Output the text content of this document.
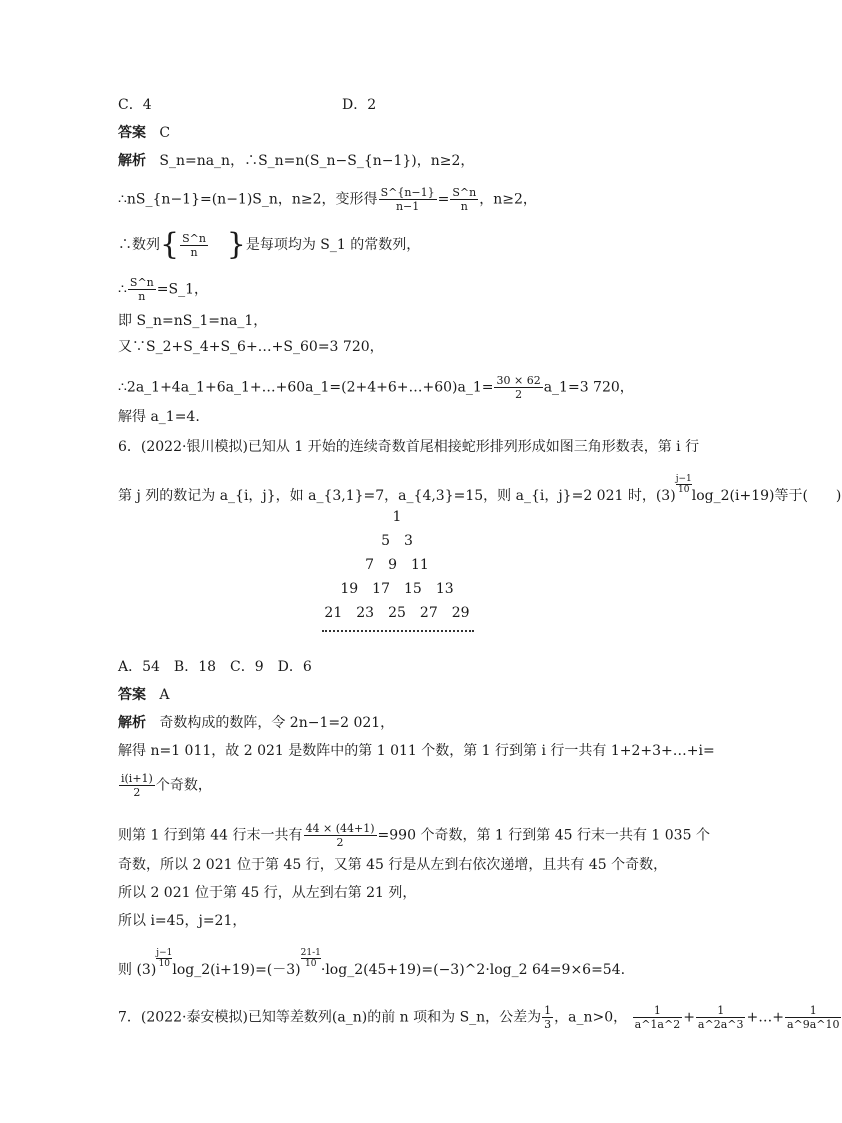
C．4	D．2
答案 C
解析 S_n=na_n，∴S_n=n(S_n−S_{n−1})，n≥2，
∴nS_{n−1}=(n−1)S_n，n≥2，变形得 $\frac{S\^{}\{n-1\}}{n-1} = \frac{S\^{}n}{n}$ ，n≥2，
∴数列{ $\frac{S\^{}n}{n}$ }是每项均为 S_1 的常数列，
∴ $\frac{S\^{}n}{n}$ =S_1，
即 S_n=nS_1=na_1，
又∵S_2+S_4+S_6+…+S_60=3 720，
∴2a_1+4a_1+6a_1+…+60a_1=(2+4+6+…+60)a_1= $\frac{30 \times 62}{2}$ a_1=3 720，
解得 a_1=4.
6．(2022·银川模拟)已知从 1 开始的连续奇数首尾相接蛇形排列形成如图三角形数表，第 i 行
第 j 列的数记为 a_{i，j}，如 a_{3,1}=7，a_{4,3}=15，则 a_{i，j}=2 021 时，(3)
$\frac{j-1}{10}$
log_2(i+19)等于(　　)
1
5 3
7 9 11
19 17 15 13
21 23 25 27 29
A．54　B．18　C．9　D．6
答案 A
解析 奇数构成的数阵，令 2n−1=2 021，
解得 n=1 011，故 2 021 是数阵中的第 1 011 个数，第 1 行到第 i 行一共有 1+2+3+…+i=
$\frac{i(i+1)}{2}$ 个奇数，
则第 1 行到第 44 行末一共有 $\frac{44 \times (44+1)}{2} =990$ 个奇数，第 1 行到第 45 行末一共有 1 035 个
奇数，所以 2 021 位于第 45 行，又第 45 行是从左到右依次递增，且共有 45 个奇数，
所以 2 021 位于第 45 行，从左到右第 21 列，
所以 i=45，j=21，
则 (3)
$\frac{j-1}{10}$
log_2(i+19)=(－3)
$\frac{21-1}{10}$
·log_2(45+19)=(−3)^2·log_2 64=9×6=54.
7．(2022·泰安模拟)已知等差数列(a_n)的前 n 项和为 S_n，公差为 $\frac{1}{3}$ ，a_n>0， $\frac{1}{a\^{}1a\^{}2} + \frac{1}{a\^{}2a\^{}3}$ +…+ $\frac{1}{a\^{}9a\^{}10}$
